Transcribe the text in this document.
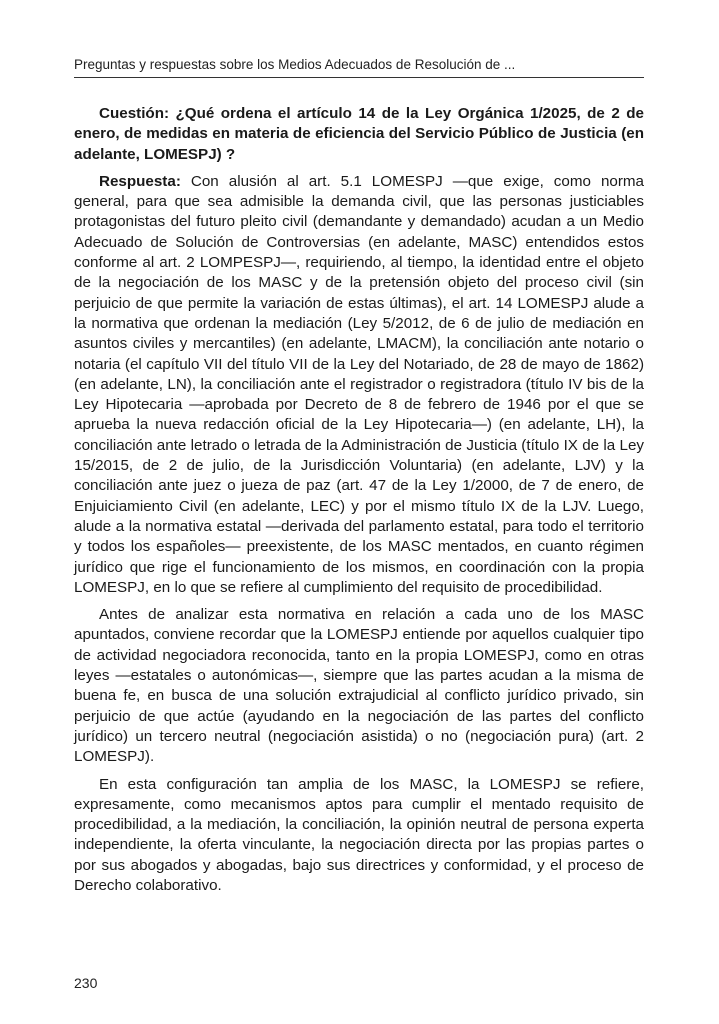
Preguntas y respuestas sobre los Medios Adecuados de Resolución de ...

Cuestión: ¿Qué ordena el artículo 14 de la Ley Orgánica 1/2025, de 2 de enero, de medidas en materia de eficiencia del Servicio Público de Justicia (en adelante, LOMESPJ) ?

Respuesta: Con alusión al art. 5.1 LOMESPJ —que exige, como norma general, para que sea admisible la demanda civil, que las personas justiciables protagonistas del futuro pleito civil (demandante y demandado) acudan a un Medio Adecuado de Solución de Controversias (en adelante, MASC) entendidos estos conforme al art. 2 LOMPESPJ—, requiriendo, al tiempo, la identidad entre el objeto de la negociación de los MASC y de la pretensión objeto del proceso civil (sin perjuicio de que permite la variación de estas últimas), el art. 14 LOMESPJ alude a la normativa que ordenan la mediación (Ley 5/2012, de 6 de julio de mediación en asuntos civiles y mercantiles) (en adelante, LMACM), la conciliación ante notario o notaria (el capítulo VII del título VII de la Ley del Notariado, de 28 de mayo de 1862) (en adelante, LN), la conciliación ante el registrador o registradora (título IV bis de la Ley Hipotecaria —aprobada por Decreto de 8 de febrero de 1946 por el que se aprueba la nueva redacción oficial de la Ley Hipotecaria—) (en adelante, LH), la conciliación ante letrado o letrada de la Administración de Justicia (título IX de la Ley 15/2015, de 2 de julio, de la Jurisdicción Voluntaria) (en adelante, LJV) y la conciliación ante juez o jueza de paz (art. 47 de la Ley 1/2000, de 7 de enero, de Enjuiciamiento Civil (en adelante, LEC) y por el mismo título IX de la LJV. Luego, alude a la normativa estatal —derivada del parlamento estatal, para todo el territorio y todos los españoles— preexistente, de los MASC mentados, en cuanto régimen jurídico que rige el funcionamiento de los mismos, en coordinación con la propia LOMESPJ, en lo que se refiere al cumplimiento del requisito de procedibilidad.

Antes de analizar esta normativa en relación a cada uno de los MASC apuntados, conviene recordar que la LOMESPJ entiende por aquellos cualquier tipo de actividad negociadora reconocida, tanto en la propia LOMESPJ, como en otras leyes —estatales o autonómicas—, siempre que las partes acudan a la misma de buena fe, en busca de una solución extrajudicial al conflicto jurídico privado, sin perjuicio de que actúe (ayudando en la negociación de las partes del conflicto jurídico) un tercero neutral (negociación asistida) o no (negociación pura) (art. 2 LOMESPJ).

En esta configuración tan amplia de los MASC, la LOMESPJ se refiere, expresamente, como mecanismos aptos para cumplir el mentado requisito de procedibilidad, a la mediación, la conciliación, la opinión neutral de persona experta independiente, la oferta vinculante, la negociación directa por las propias partes o por sus abogados y abogadas, bajo sus directrices y conformidad, y el proceso de Derecho colaborativo.

230
